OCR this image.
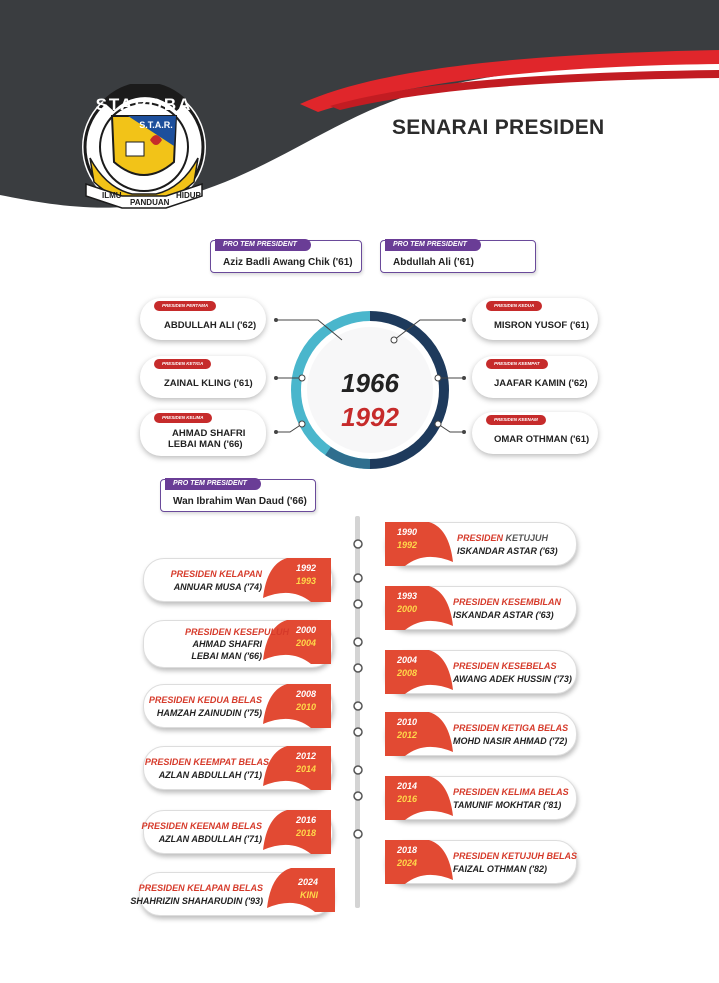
STAROBA
S.T.A.R.
ILMU
PANDUAN
HIDUP
SENARAI PRESIDEN
PRO TEM PRESIDENT
Aziz Badli Awang Chik ('61)
PRO TEM PRESIDENT
Abdullah Ali ('61)
1966
1992
PRESIDEN PERTAMA
ABDULLAH ALI ('62)
PRESIDEN KETIGA
ZAINAL KLING ('61)
PRESIDEN KELIMA
AHMAD SHAFRI
LEBAI MAN ('66)
PRESIDEN KEDUA
MISRON YUSOF ('61)
PRESIDEN KEEMPAT
JAAFAR KAMIN ('62)
PRESIDEN KEENAM
OMAR OTHMAN ('61)
PRO TEM PRESIDENT
Wan Ibrahim Wan Daud ('66)
1990
1992
PRESIDEN KETUJUH
ISKANDAR ASTAR ('63)
1993
2000
PRESIDEN KESEMBILAN
ISKANDAR ASTAR ('63)
2004
2008
PRESIDEN KESEBELAS
AWANG ADEK HUSSIN ('73)
2010
2012
PRESIDEN KETIGA BELAS
MOHD NASIR AHMAD ('72)
2014
2016
PRESIDEN KELIMA BELAS
TAMUNIF MOKHTAR ('81)
2018
2024
PRESIDEN KETUJUH BELAS
FAIZAL OTHMAN ('82)
1992
1993
PRESIDEN KELAPAN
ANNUAR MUSA ('74)
2000
2004
PRESIDEN KESEPULUH
AHMAD SHAFRI
LEBAI MAN ('66)
2008
2010
PRESIDEN KEDUA BELAS
HAMZAH ZAINUDIN ('75)
2012
2014
PRESIDEN KEEMPAT BELAS
AZLAN ABDULLAH ('71)
2016
2018
PRESIDEN KEENAM BELAS
AZLAN ABDULLAH ('71)
2024
KINI
PRESIDEN KELAPAN BELAS
SHAHRIZIN SHAHARUDIN ('93)
